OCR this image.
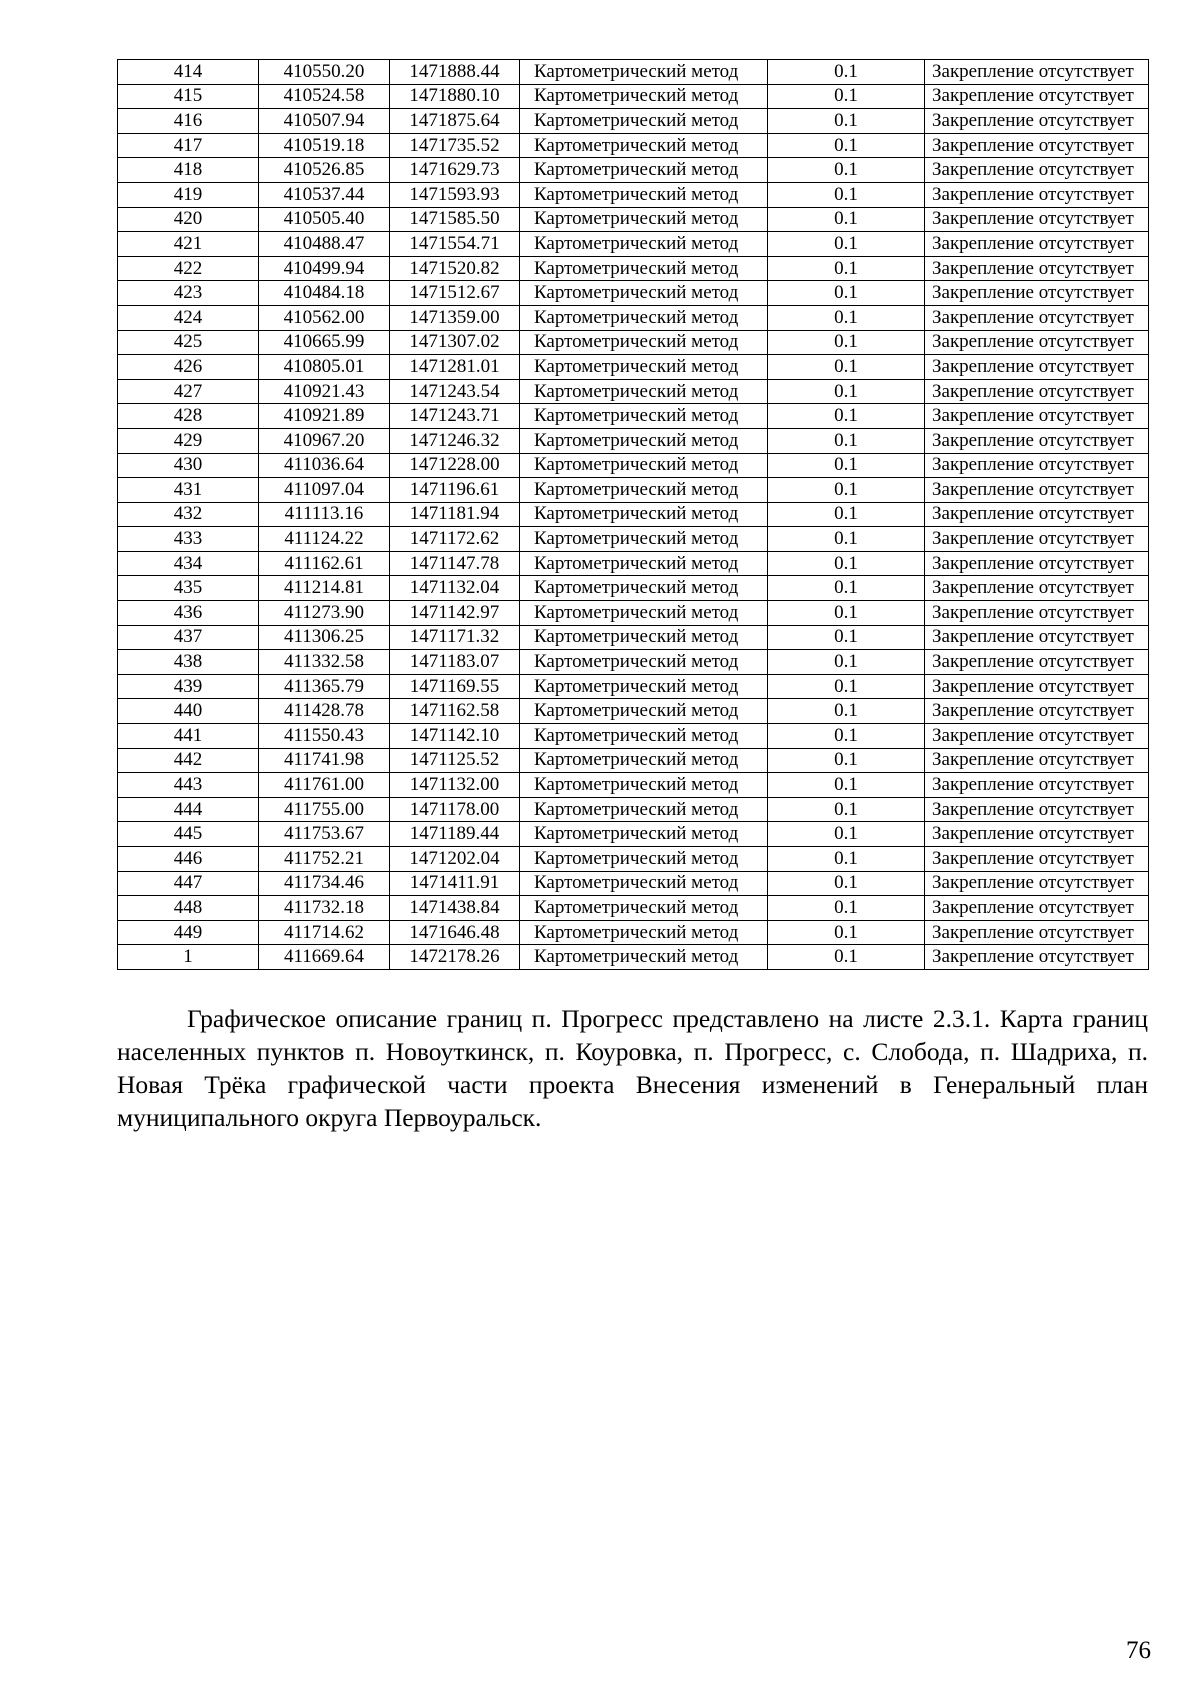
414	410550.20	1471888.44	Картометрический метод	0.1	Закрепление отсутствует
415	410524.58	1471880.10	Картометрический метод	0.1	Закрепление отсутствует
416	410507.94	1471875.64	Картометрический метод	0.1	Закрепление отсутствует
417	410519.18	1471735.52	Картометрический метод	0.1	Закрепление отсутствует
418	410526.85	1471629.73	Картометрический метод	0.1	Закрепление отсутствует
419	410537.44	1471593.93	Картометрический метод	0.1	Закрепление отсутствует
420	410505.40	1471585.50	Картометрический метод	0.1	Закрепление отсутствует
421	410488.47	1471554.71	Картометрический метод	0.1	Закрепление отсутствует
422	410499.94	1471520.82	Картометрический метод	0.1	Закрепление отсутствует
423	410484.18	1471512.67	Картометрический метод	0.1	Закрепление отсутствует
424	410562.00	1471359.00	Картометрический метод	0.1	Закрепление отсутствует
425	410665.99	1471307.02	Картометрический метод	0.1	Закрепление отсутствует
426	410805.01	1471281.01	Картометрический метод	0.1	Закрепление отсутствует
427	410921.43	1471243.54	Картометрический метод	0.1	Закрепление отсутствует
428	410921.89	1471243.71	Картометрический метод	0.1	Закрепление отсутствует
429	410967.20	1471246.32	Картометрический метод	0.1	Закрепление отсутствует
430	411036.64	1471228.00	Картометрический метод	0.1	Закрепление отсутствует
431	411097.04	1471196.61	Картометрический метод	0.1	Закрепление отсутствует
432	411113.16	1471181.94	Картометрический метод	0.1	Закрепление отсутствует
433	411124.22	1471172.62	Картометрический метод	0.1	Закрепление отсутствует
434	411162.61	1471147.78	Картометрический метод	0.1	Закрепление отсутствует
435	411214.81	1471132.04	Картометрический метод	0.1	Закрепление отсутствует
436	411273.90	1471142.97	Картометрический метод	0.1	Закрепление отсутствует
437	411306.25	1471171.32	Картометрический метод	0.1	Закрепление отсутствует
438	411332.58	1471183.07	Картометрический метод	0.1	Закрепление отсутствует
439	411365.79	1471169.55	Картометрический метод	0.1	Закрепление отсутствует
440	411428.78	1471162.58	Картометрический метод	0.1	Закрепление отсутствует
441	411550.43	1471142.10	Картометрический метод	0.1	Закрепление отсутствует
442	411741.98	1471125.52	Картометрический метод	0.1	Закрепление отсутствует
443	411761.00	1471132.00	Картометрический метод	0.1	Закрепление отсутствует
444	411755.00	1471178.00	Картометрический метод	0.1	Закрепление отсутствует
445	411753.67	1471189.44	Картометрический метод	0.1	Закрепление отсутствует
446	411752.21	1471202.04	Картометрический метод	0.1	Закрепление отсутствует
447	411734.46	1471411.91	Картометрический метод	0.1	Закрепление отсутствует
448	411732.18	1471438.84	Картометрический метод	0.1	Закрепление отсутствует
449	411714.62	1471646.48	Картометрический метод	0.1	Закрепление отсутствует
1	411669.64	1472178.26	Картометрический метод	0.1	Закрепление отсутствует

Графическое описание границ п. Прогресс представлено на листе 2.3.1. Карта границ населенных пунктов п. Новоуткинск, п. Коуровка, п. Прогресс, с. Слобода, п. Шадриха, п. Новая Трёка графической части проекта Внесения изменений в Генеральный план муниципального округа Первоуральск.

76
